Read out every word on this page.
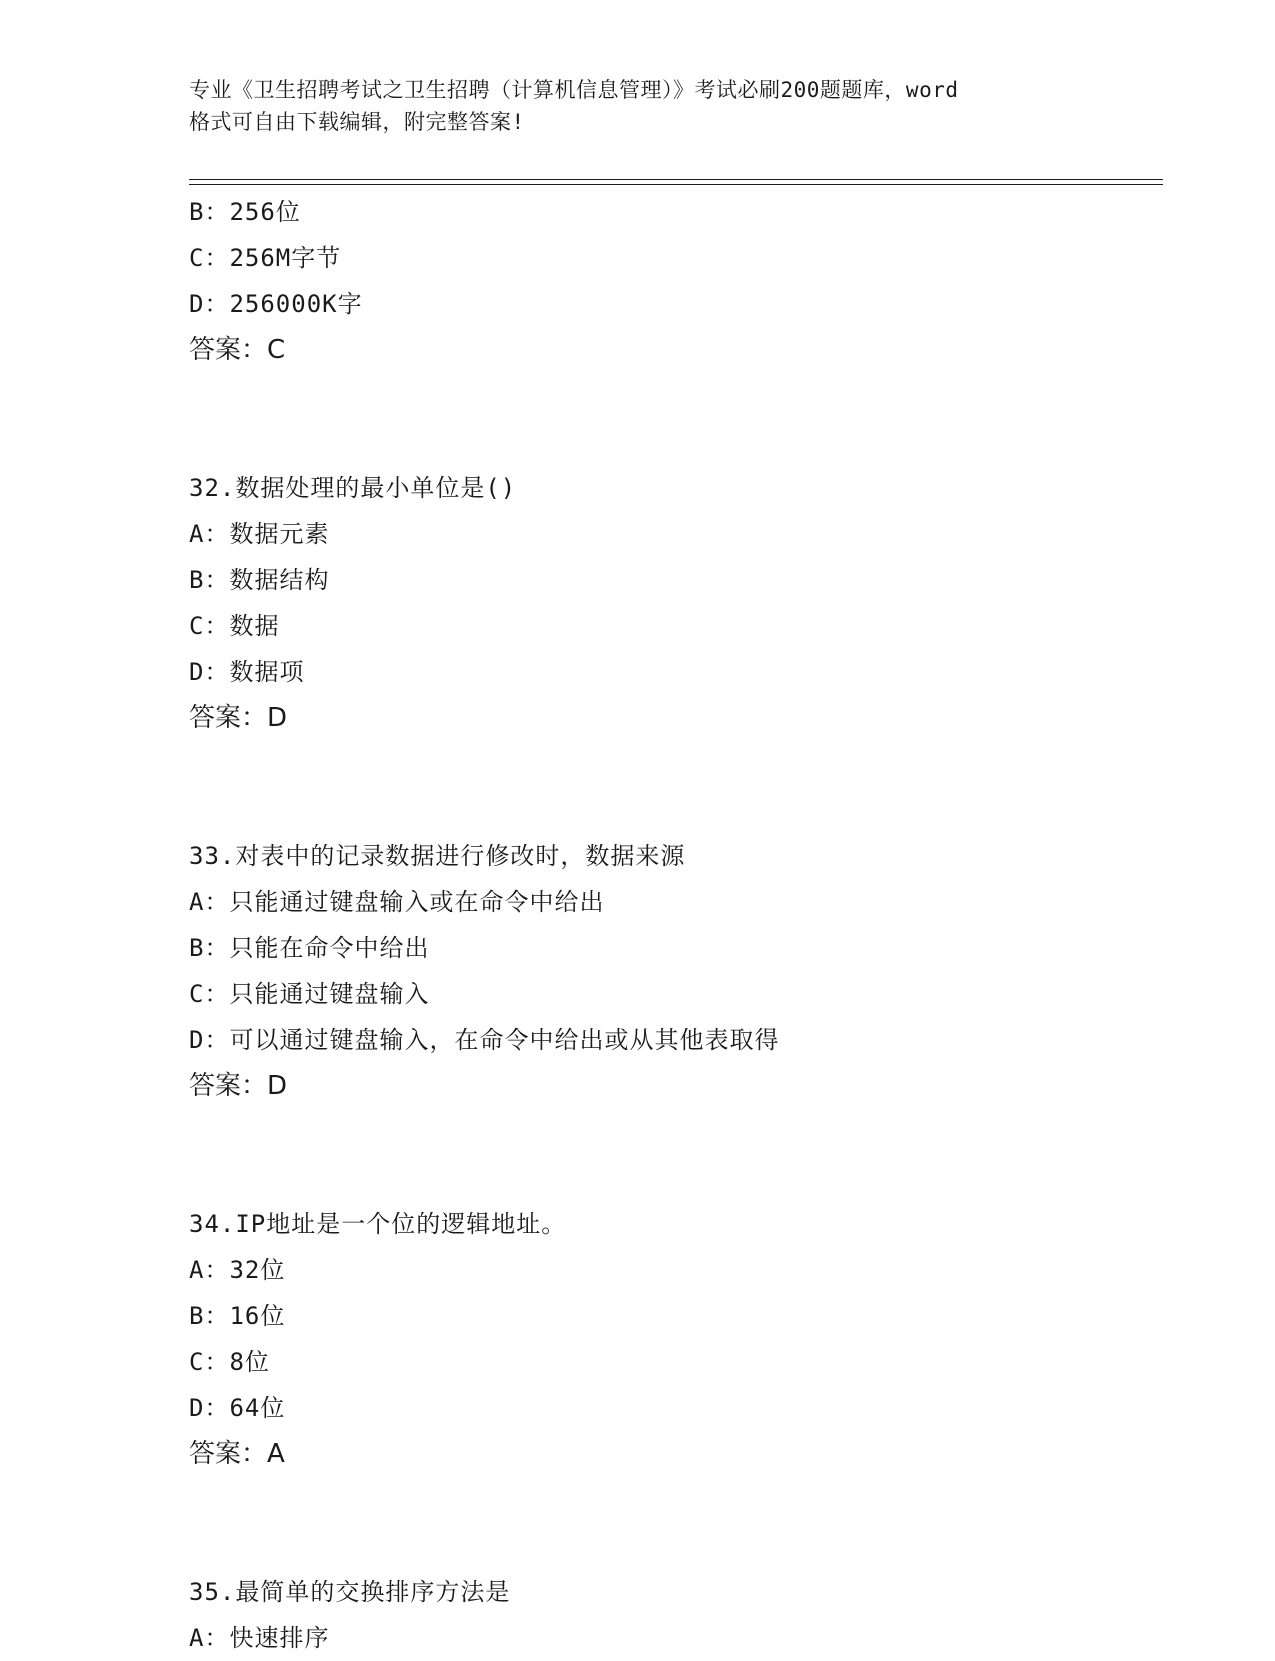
专业《卫生招聘考试之卫生招聘（计算机信息管理）》考试必刷200题题库，word
格式可自由下载编辑，附完整答案!
B：256位
C：256M字节
D：256000K字
答案：C
32.数据处理的最小单位是()
A：数据元素
B：数据结构
C：数据
D：数据项
答案：D
33.对表中的记录数据进行修改时，数据来源
A：只能通过键盘输入或在命令中给出
B：只能在命令中给出
C：只能通过键盘输入
D：可以通过键盘输入，在命令中给出或从其他表取得
答案：D
34.IP地址是一个位的逻辑地址。
A：32位
B：16位
C：8位
D：64位
答案：A
35.最简单的交换排序方法是
A：快速排序
